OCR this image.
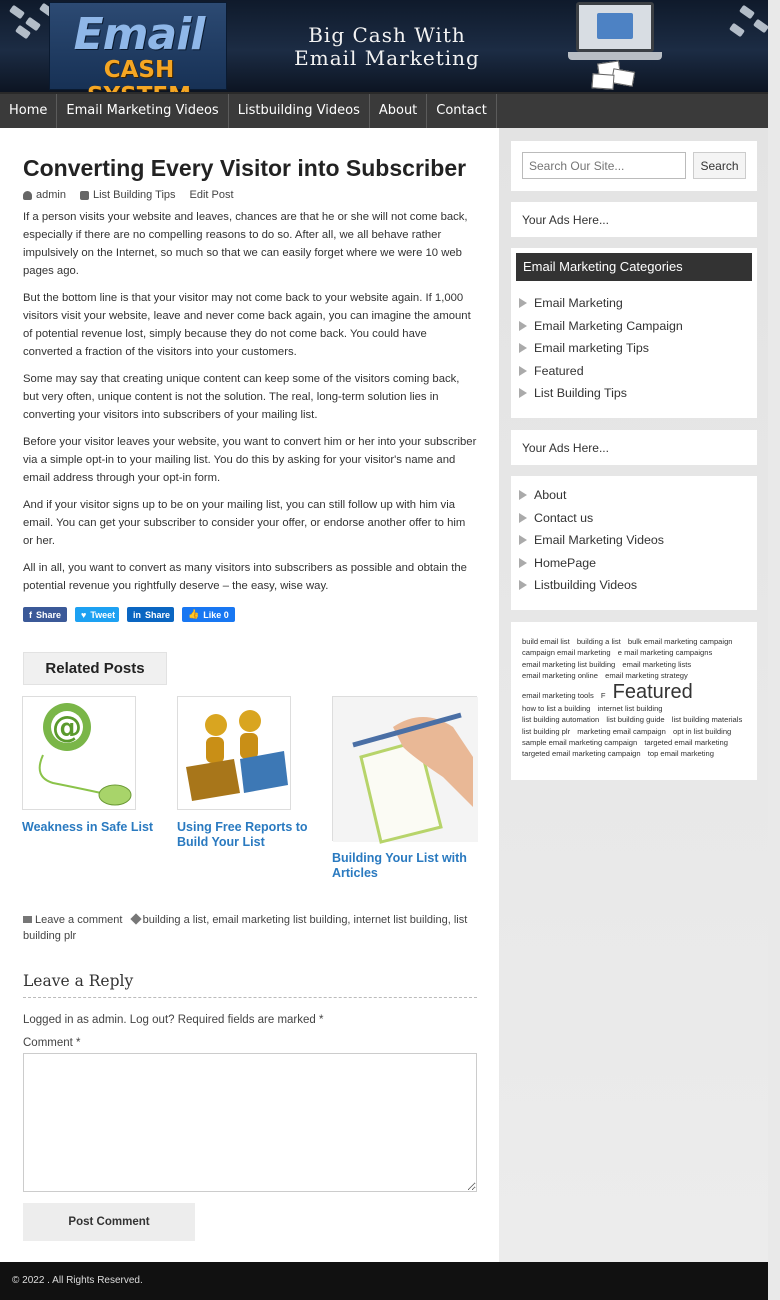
Email
CASH
Big Cash With
Email Marketing
Home	Email Marketing Videos	Listbuilding Videos	About	Contact
Converting Every Visitor into Subscriber
admin List Building Tips Edit Post

If a person visits your website and leaves, chances are that he or she will not come back, especially if there are no compelling reasons to do so. After all, we all behave rather impulsively on the Internet, so much so that we can easily forget where we were 10 web pages ago.

But the bottom line is that your visitor may not come back to your website again. If 1,000 visitors visit your website, leave and never come back again, you can imagine the amount of potential revenue lost, simply because they do not come back. You could have converted a fraction of the visitors into your customers.

Some may say that creating unique content can keep some of the visitors coming back, but very often, unique content is not the solution. The real, long-term solution lies in converting your visitors into subscribers of your mailing list.

Before your visitor leaves your website, you want to convert him or her into your subscriber via a simple opt-in to your mailing list. You do this by asking for your visitor's name and email address through your opt-in form.

And if your visitor signs up to be on your mailing list, you can still follow up with him via email. You can get your subscriber to consider your offer, or endorse another offer to him or her.

All in all, you want to convert as many visitors into subscribers as possible and obtain the potential revenue you rightfully deserve – the easy, wise way.

f Share ♥ Tweet in Share 👍 Like 0
Related Posts
@
Weakness in Safe List	Using Free Reports to Build Your List
Building Your List with Articles
Leave a comment building a list, email marketing list building, internet list building, list building plr
Leave a Reply
Logged in as admin. Log out? Required fields are marked *
Comment *
Post Comment
Search Our Site...
Search
Your Ads Here...
Email Marketing Categories
Email Marketing
Email Marketing Campaign
Email marketing Tips
Featured
List Building Tips
Your Ads Here...
About
Contact us
Email Marketing Videos
HomePage
Listbuilding Videos
build email list building a list bulk email marketing campaign campaign email marketing e mail marketing campaigns email marketing list building email marketing lists email marketing online email marketing strategy email marketing tools F Featured how to list a building internet list building list building automation list building guide list building materials list building plr marketing email campaign opt in list building sample email marketing campaign targeted email marketing targeted email marketing campaign top email marketing
© 2022 . All Rights Reserved.
